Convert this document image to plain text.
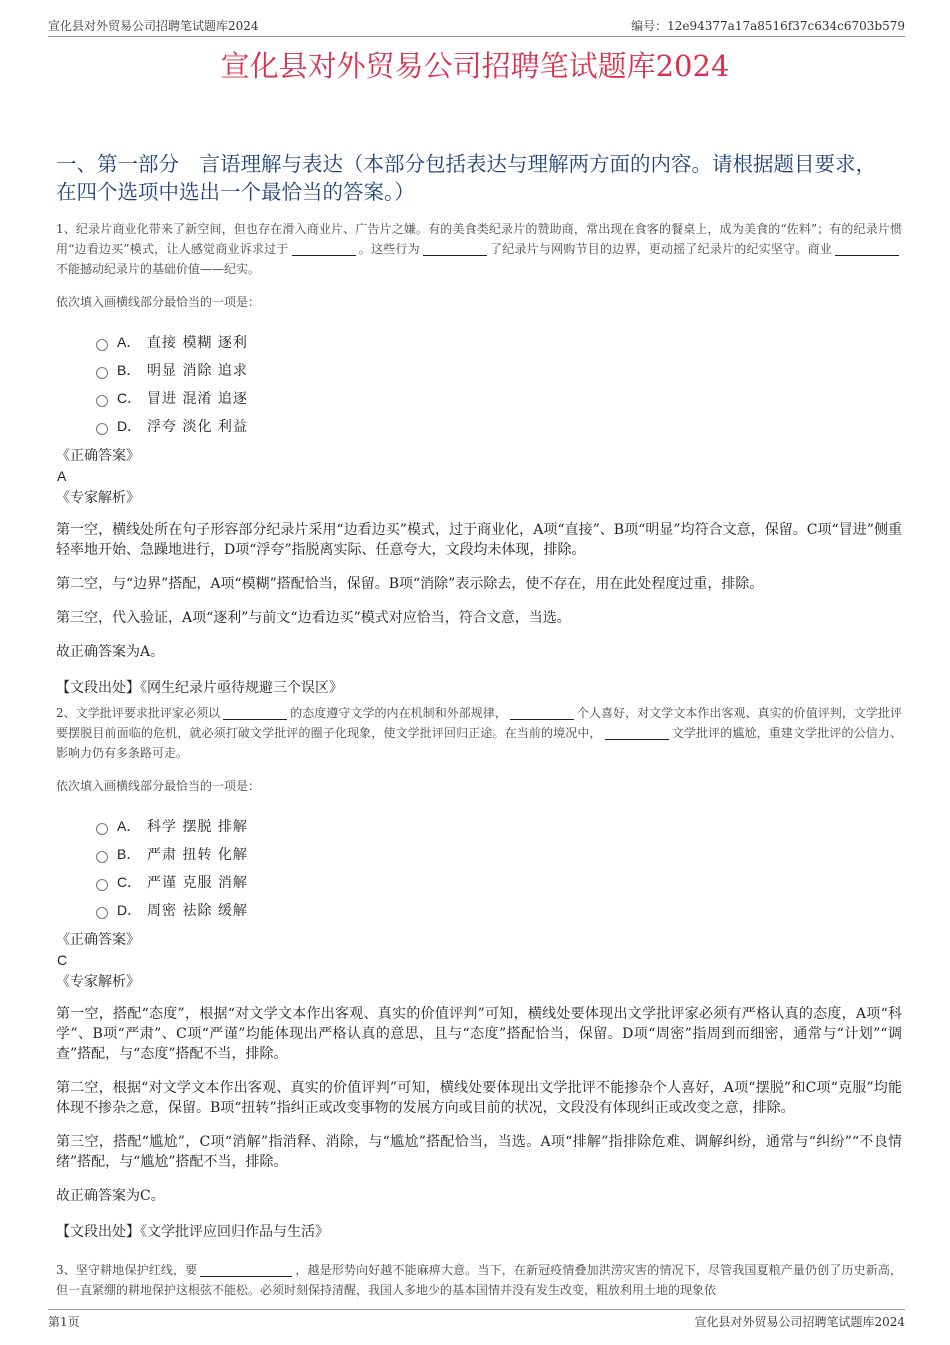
宣化县对外贸易公司招聘笔试题库2024	编号：12e94377a17a8516f37c634c6703b579
宣化县对外贸易公司招聘笔试题库2024
一、第一部分　言语理解与表达（本部分包括表达与理解两方面的内容。请根据题目要求，在四个选项中选出一个最恰当的答案。）

1、纪录片商业化带来了新空间，但也存在滑入商业片、广告片之嫌。有的美食类纪录片的赞助商，常出现在食客的餐桌上，成为美食的“佐料”；有的纪录片惯用“边看边买”模式，让人感觉商业诉求过于	。这些行为	了纪录片与网购节目的边界，更动摇了纪录片的纪实坚守。商业不能撼动纪录片的基础价值——纪实。

依次填入画横线部分最恰当的一项是：
A． 直接 模糊 逐利
B． 明显 消除 追求
C． 冒进 混淆 追逐
D． 浮夸 淡化 利益
《正确答案》
A
《专家解析》

第一空，横线处所在句子形容部分纪录片采用“边看边买”模式，过于商业化，A项“直接”、B项“明显”均符合文意，保留。C项“冒进”侧重轻率地开始、急躁地进行，D项“浮夸”指脱离实际、任意夸大，文段均未体现，排除。

第二空，与“边界”搭配，A项“模糊”搭配恰当，保留。B项“消除”表示除去，使不存在，用在此处程度过重，排除。

第三空，代入验证，A项“逐利”与前文“边看边买”模式对应恰当，符合文意，当选。

故正确答案为A。

【文段出处】《网生纪录片亟待规避三个误区》

2、文学批评要求批评家必须以	的态度遵守文学的内在机制和外部规律，	个人喜好，对文学文本作出客观、真实的价值评判，文学批评要摆脱目前面临的危机，就必须打破文学批评的圈子化现象，使文学批评回归正途。在当前的境况中，	文学批评的尴尬，重建文学批评的公信力、影响力仍有多条路可走。

依次填入画横线部分最恰当的一项是：
A． 科学 摆脱 排解
B． 严肃 扭转 化解
C． 严谨 克服 消解
D． 周密 祛除 缓解
《正确答案》
C
《专家解析》

第一空，搭配“态度”，根据“对文学文本作出客观、真实的价值评判”可知，横线处要体现出文学批评家必须有严格认真的态度，A项“科学”、B项“严肃”、C项“严谨”均能体现出严格认真的意思，且与“态度”搭配恰当，保留。D项“周密”指周到而细密，通常与“计划”“调查”搭配，与“态度”搭配不当，排除。

第二空，根据“对文学文本作出客观、真实的价值评判”可知，横线处要体现出文学批评不能掺杂个人喜好，A项“摆脱”和C项“克服”均能体现不掺杂之意，保留。B项“扭转”指纠正或改变事物的发展方向或目前的状况，文段没有体现纠正或改变之意，排除。

第三空，搭配“尴尬”，C项“消解”指消释、消除，与“尴尬”搭配恰当，当选。A项“排解”指排除危难、调解纠纷，通常与“纠纷”“不良情绪”搭配，与“尴尬”搭配不当，排除。

故正确答案为C。

【文段出处】《文学批评应回归作品与生活》

3、坚守耕地保护红线，要	，越是形势向好越不能麻痹大意。当下，在新冠疫情叠加洪涝灾害的情况下，尽管我国夏粮产量仍创了历史新高，但一直紧绷的耕地保护这根弦不能松。必须时刻保持清醒，我国人多地少的基本国情并没有发生改变，粗放利用土地的现象依

第1页	宣化县对外贸易公司招聘笔试题库2024
